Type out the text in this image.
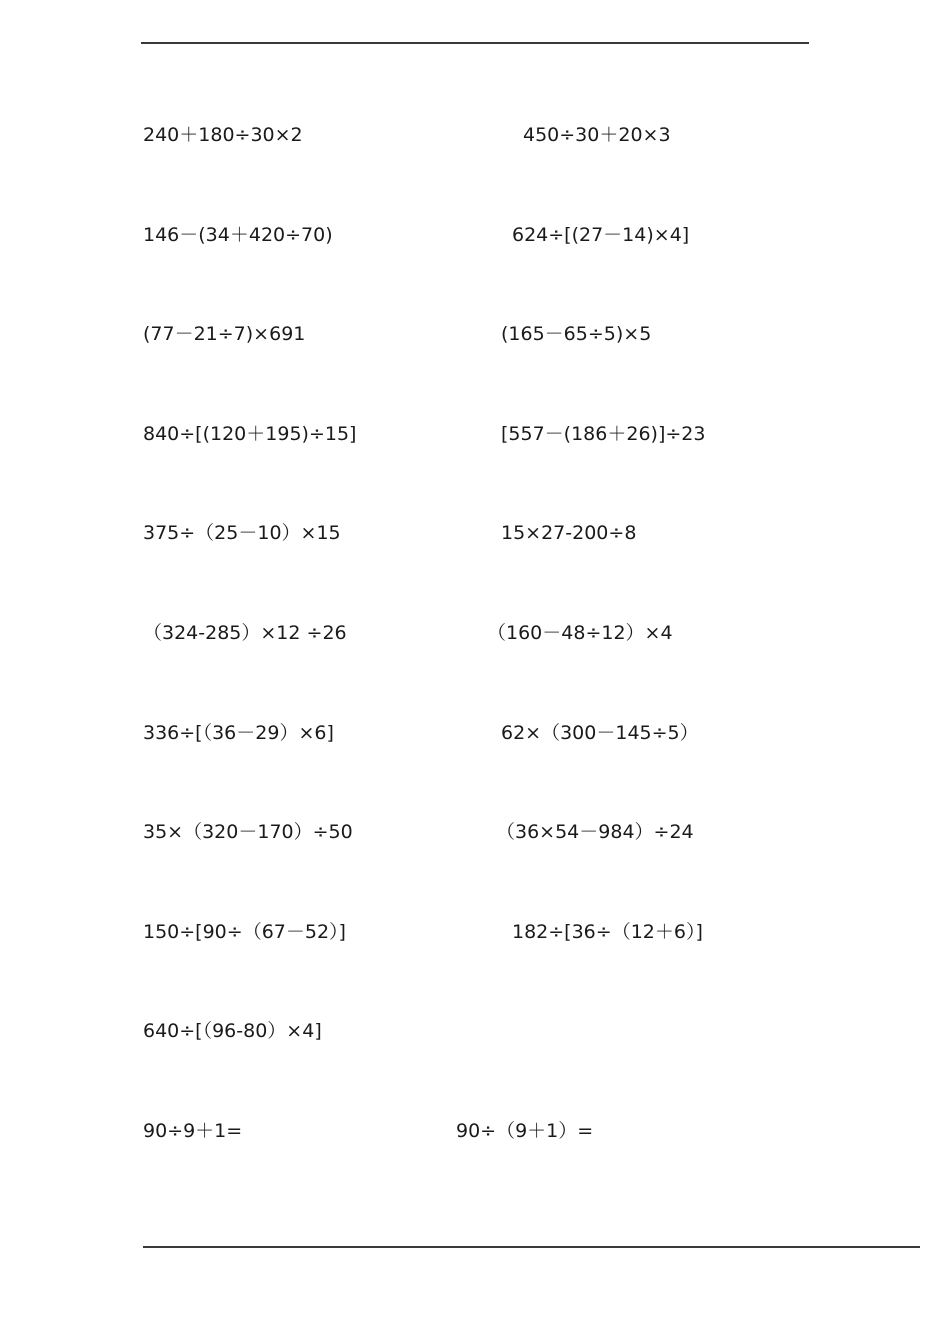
240＋180÷30×2	450÷30＋20×3
146－(34＋420÷70)	624÷[(27－14)×4]
(77－21÷7)×691	(165－65÷5)×5
840÷[(120＋195)÷15]	[557－(186＋26)]÷23
375÷（25－10）×15	15×27-200÷8
（324-285）×12 ÷26	（160－48÷12）×4
336÷[（36－29）×6]	62×（300－145÷5）
35×（320－170）÷50	（36×54－984）÷24
150÷[90÷（67－52）]	182÷[36÷（12＋6）]
640÷[（96-80）×4]
90÷9＋1=	90÷（9＋1）=
